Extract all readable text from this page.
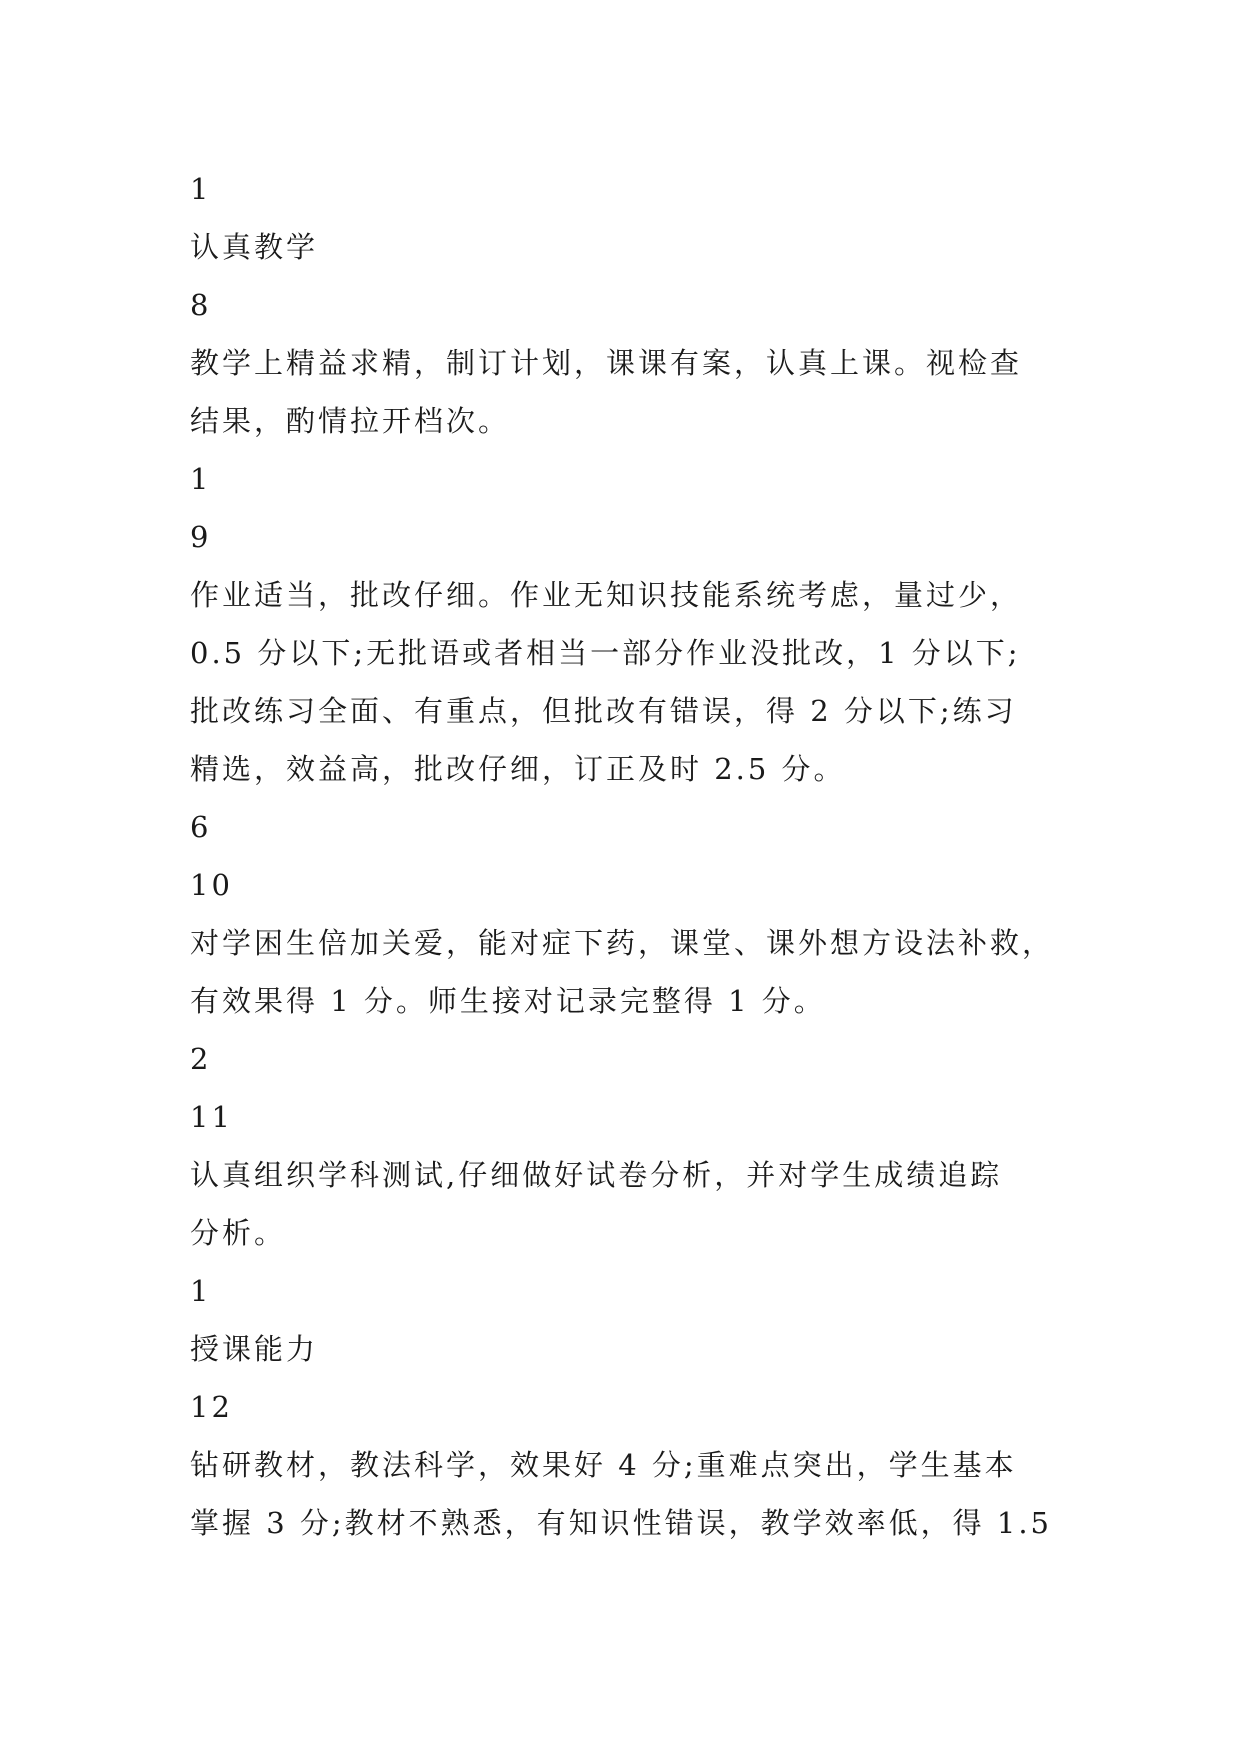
1
认真教学
8
教学上精益求精，制订计划，课课有案，认真上课。视检查
结果，酌情拉开档次。
1
9
作业适当，批改仔细。作业无知识技能系统考虑，量过少，
0.5 分以下;无批语或者相当一部分作业没批改，1 分以下;
批改练习全面、有重点，但批改有错误，得 2 分以下;练习
精选，效益高，批改仔细，订正及时 2.5 分。
6
10
对学困生倍加关爱，能对症下药，课堂、课外想方设法补救，
有效果得 1 分。师生接对记录完整得 1 分。
2
11
认真组织学科测试,仔细做好试卷分析，并对学生成绩追踪
分析。
1
授课能力
12
钻研教材，教法科学，效果好 4 分;重难点突出，学生基本
掌握 3 分;教材不熟悉，有知识性错误，教学效率低，得 1.5
